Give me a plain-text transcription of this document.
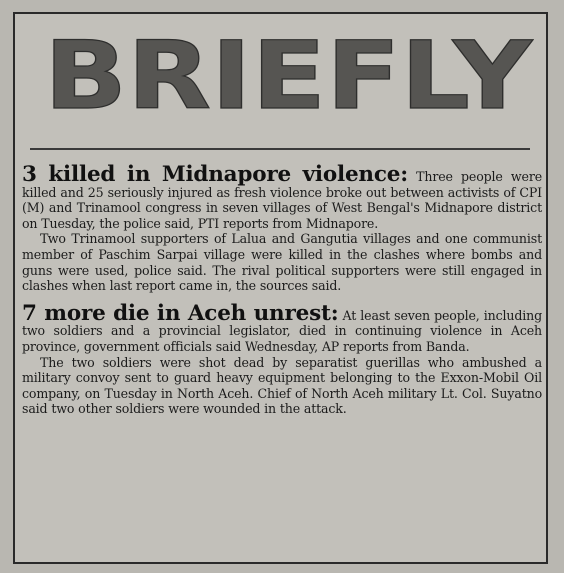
BRIEFLY

3 killed in Midnapore violence: Three people were killed and 25 seriously injured as fresh violence broke out between activists of CPI (M) and Trinamool congress in seven villages of West Bengal's Midnapore district on Tuesday, the police said, PTI reports from Midnapore.

Two Trinamool supporters of Lalua and Gangutia villages and one communist member of Paschim Sarpai village were killed in the clashes where bombs and guns were used, police said. The rival political supporters were still engaged in clashes when last report came in, the sources said.

7 more die in Aceh unrest: At least seven people, including two soldiers and a provincial legislator, died in continuing violence in Aceh province, government officials said Wednesday, AP reports from Banda.

The two soldiers were shot dead by separatist guerillas who ambushed a military convoy sent to guard heavy equipment belonging to the Exxon-Mobil Oil company, on Tuesday in North Aceh. Chief of North Aceh military Lt. Col. Suyatno said two other soldiers were wounded in the attack.
